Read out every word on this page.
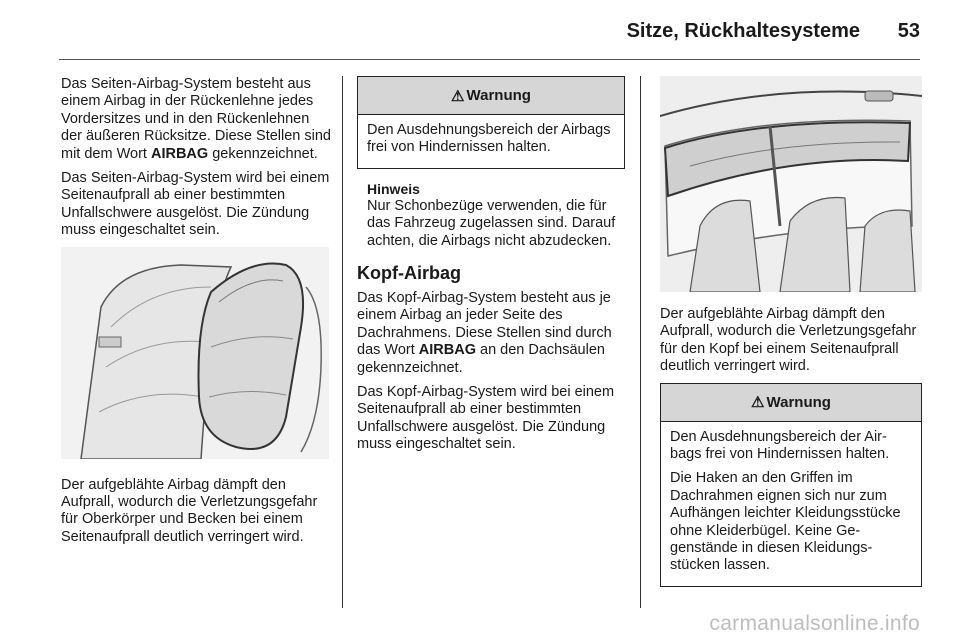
Sitze, Rückhaltesysteme 53

Das Seiten-Airbag-System besteht aus einem Airbag in der Rückenlehne jedes Vordersitzes und in den Rückenlehnen der äußeren Rücksitze. Diese Stellen sind mit dem Wort AIRBAG gekennzeichnet.

Das Seiten-Airbag-System wird bei einem Seitenaufprall ab einer bestimmten Unfallschwere ausgelöst. Die Zündung muss eingeschaltet sein.

Der aufgeblähte Airbag dämpft den Aufprall, wodurch die Verletzungsgefahr für Oberkörper und Becken bei einem Seitenaufprall deutlich verringert wird.

⚠ Warnung

Den Ausdehnungsbereich der Airbags frei von Hindernissen halten.

Hinweis
Nur Schonbezüge verwenden, die für das Fahrzeug zugelassen sind. Darauf achten, die Airbags nicht abzudecken.
Kopf-Airbag

Das Kopf-Airbag-System besteht aus je einem Airbag an jeder Seite des Dachrahmens. Diese Stellen sind durch das Wort AIRBAG an den Dachsäulen gekennzeichnet.

Das Kopf-Airbag-System wird bei einem Seitenaufprall ab einer bestimmten Unfallschwere ausgelöst. Die Zündung muss eingeschaltet sein.

Der aufgeblähte Airbag dämpft den Aufprall, wodurch die Verletzungsgefahr für den Kopf bei einem Seitenaufprall deutlich verringert wird.

⚠ Warnung

Den Ausdehnungsbereich der Airbags frei von Hindernissen halten.

Die Haken an den Griffen im Dachrahmen eignen sich nur zum Aufhängen leichter Kleidungsstücke ohne Kleiderbügel. Keine Gegenstände in diesen Kleidungsstücken lassen.

carmanualsonline.info
